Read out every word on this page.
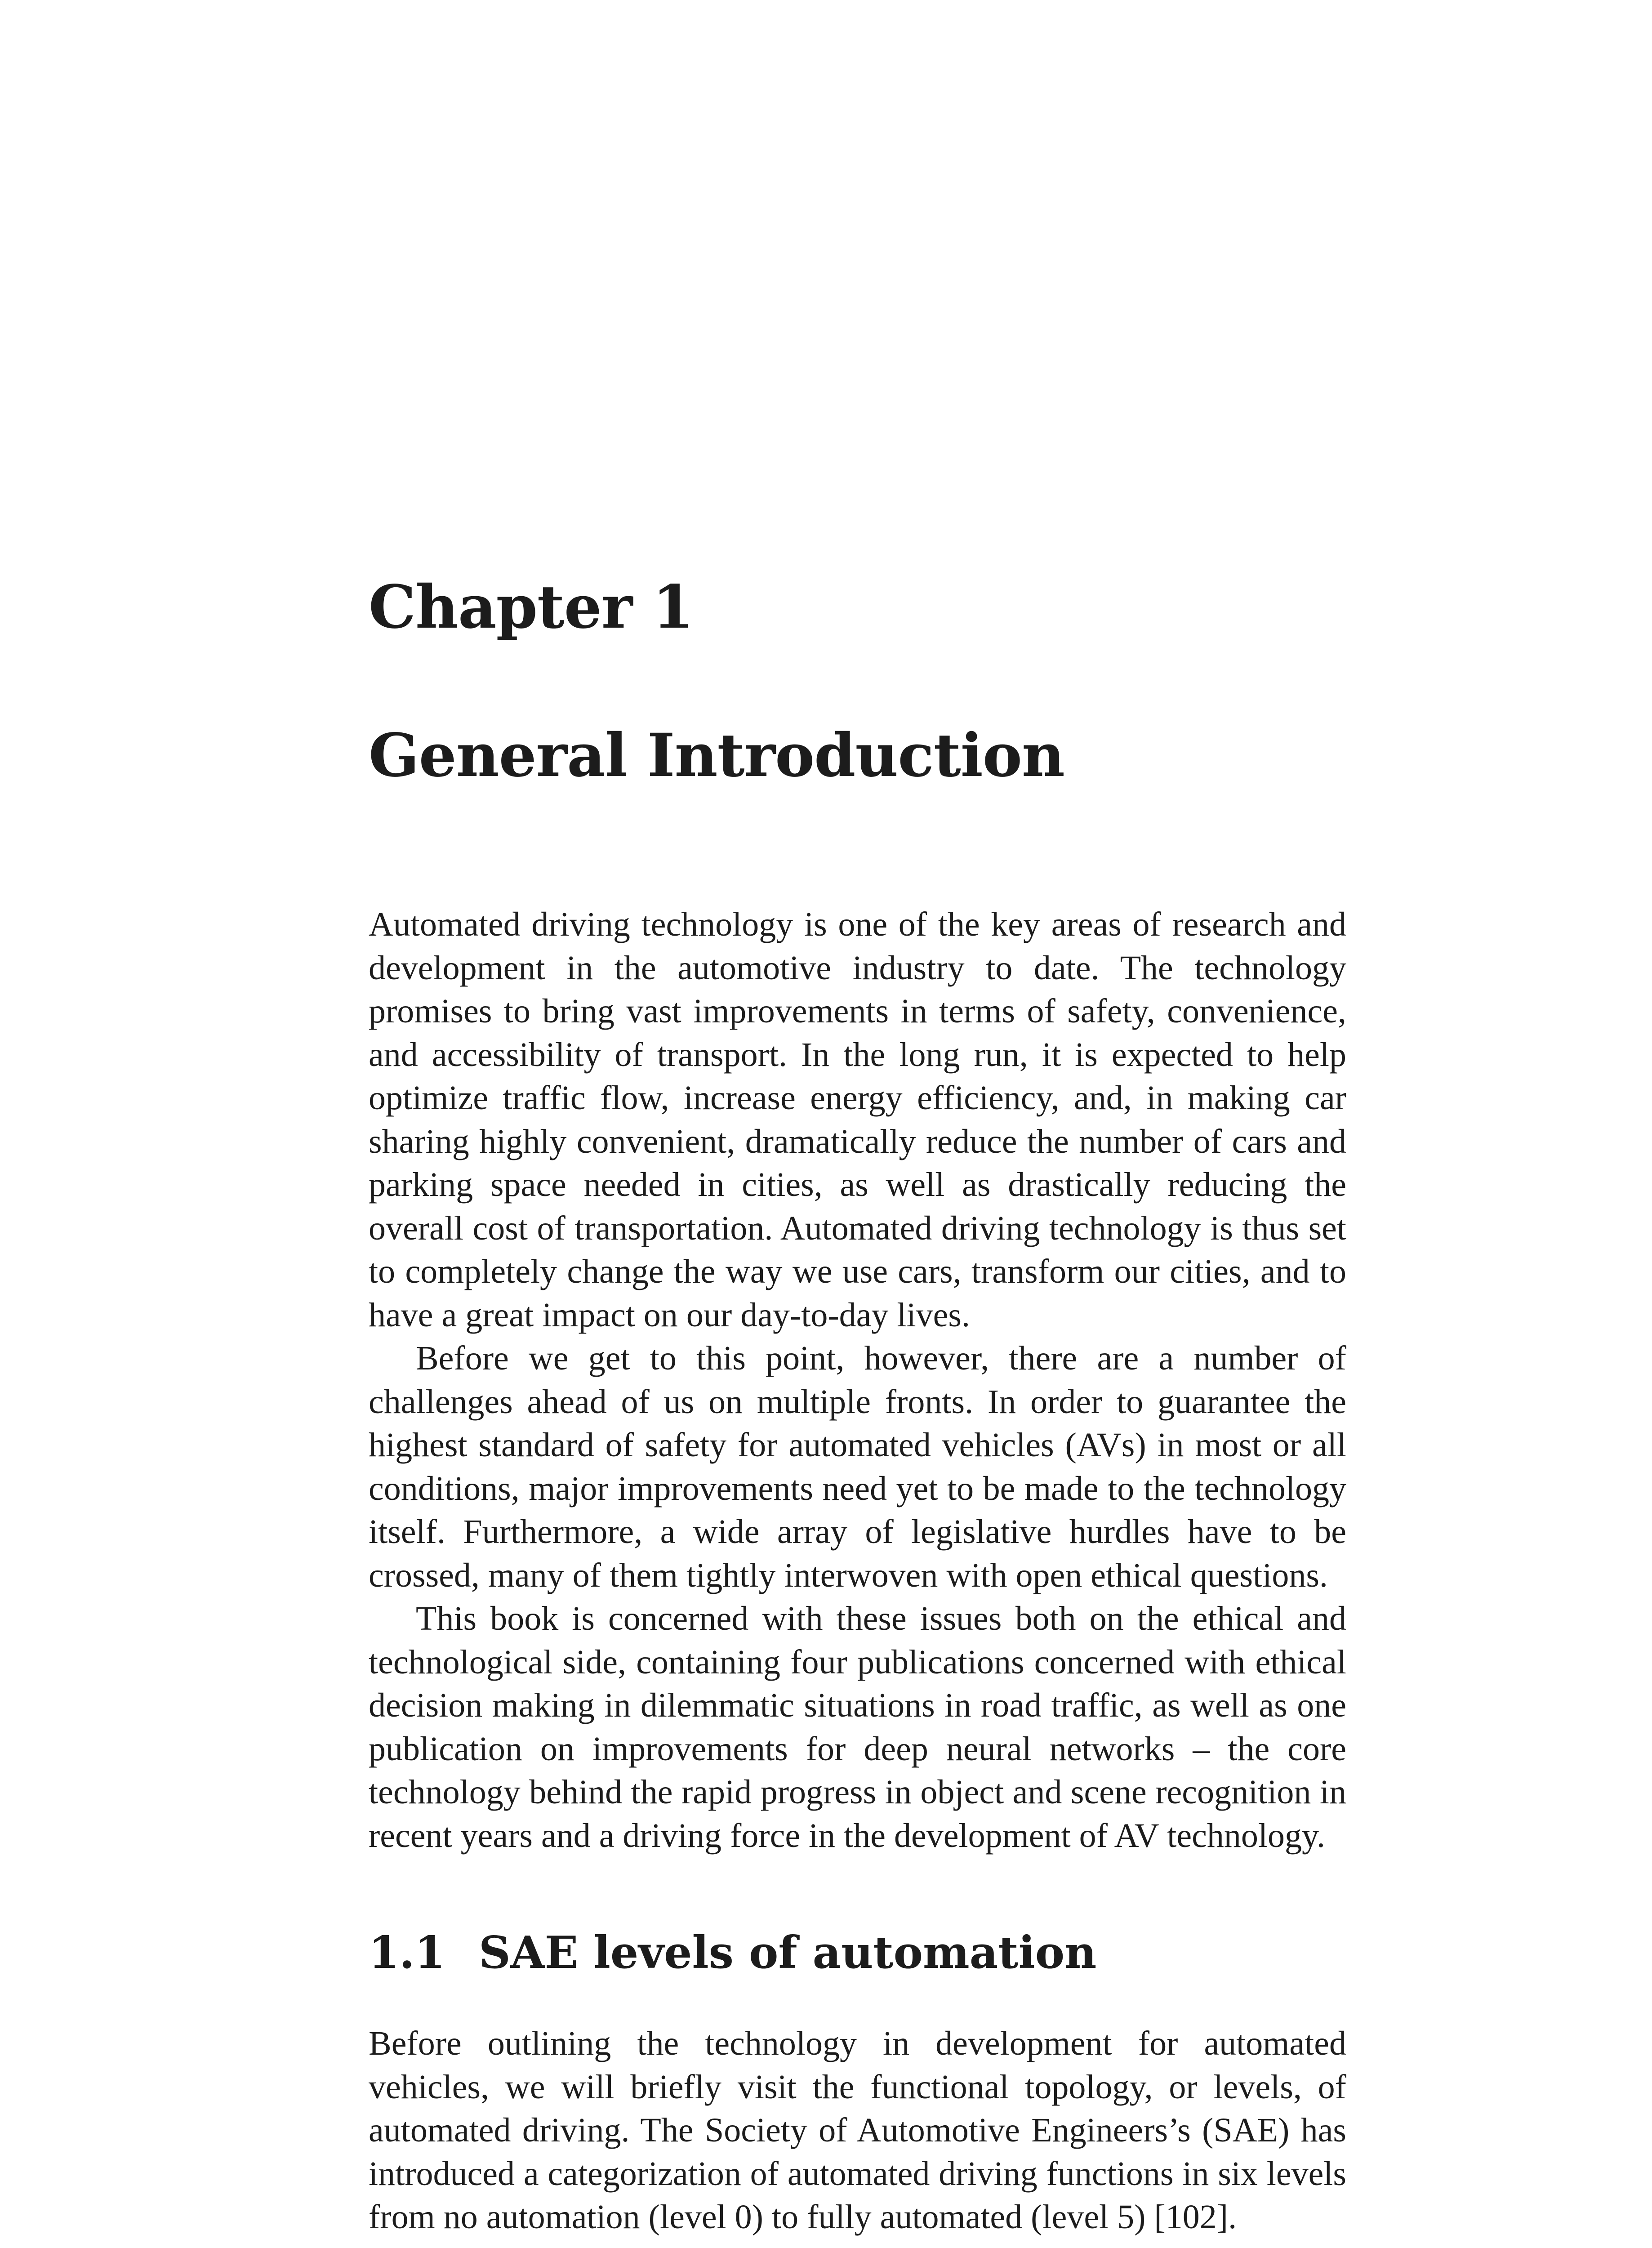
Chapter 1
General Introduction

Automated driving technology is one of the key areas of research and development in the automotive industry to date. The technology promises to bring vast improvements in terms of safety, convenience, and accessibility of transport. In the long run, it is expected to help optimize traffic flow, increase energy efficiency, and, in making car sharing highly convenient, dramatically reduce the number of cars and parking space needed in cities, as well as drastically reducing the overall cost of transportation. Automated driving technology is thus set to completely change the way we use cars, transform our cities, and to have a great impact on our day-to-day lives.

Before we get to this point, however, there are a number of challenges ahead of us on multiple fronts. In order to guarantee the highest standard of safety for automated vehicles (AVs) in most or all conditions, major improvements need yet to be made to the technology itself. Furthermore, a wide array of legislative hurdles have to be crossed, many of them tightly interwoven with open ethical questions.

This book is concerned with these issues both on the ethical and technological side, containing four publications concerned with ethical decision making in dilemmatic situations in road traffic, as well as one publication on improvements for deep neural networks – the core technology behind the rapid progress in object and scene recognition in recent years and a driving force in the development of AV technology.

1.1 SAE levels of automation

Before outlining the technology in development for automated vehicles, we will briefly visit the functional topology, or levels, of automated driving. The Society of Automotive Engineers’s (SAE) has introduced a categorization of automated driving functions in six levels from no automation (level 0) to fully automated (level 5) [102].
